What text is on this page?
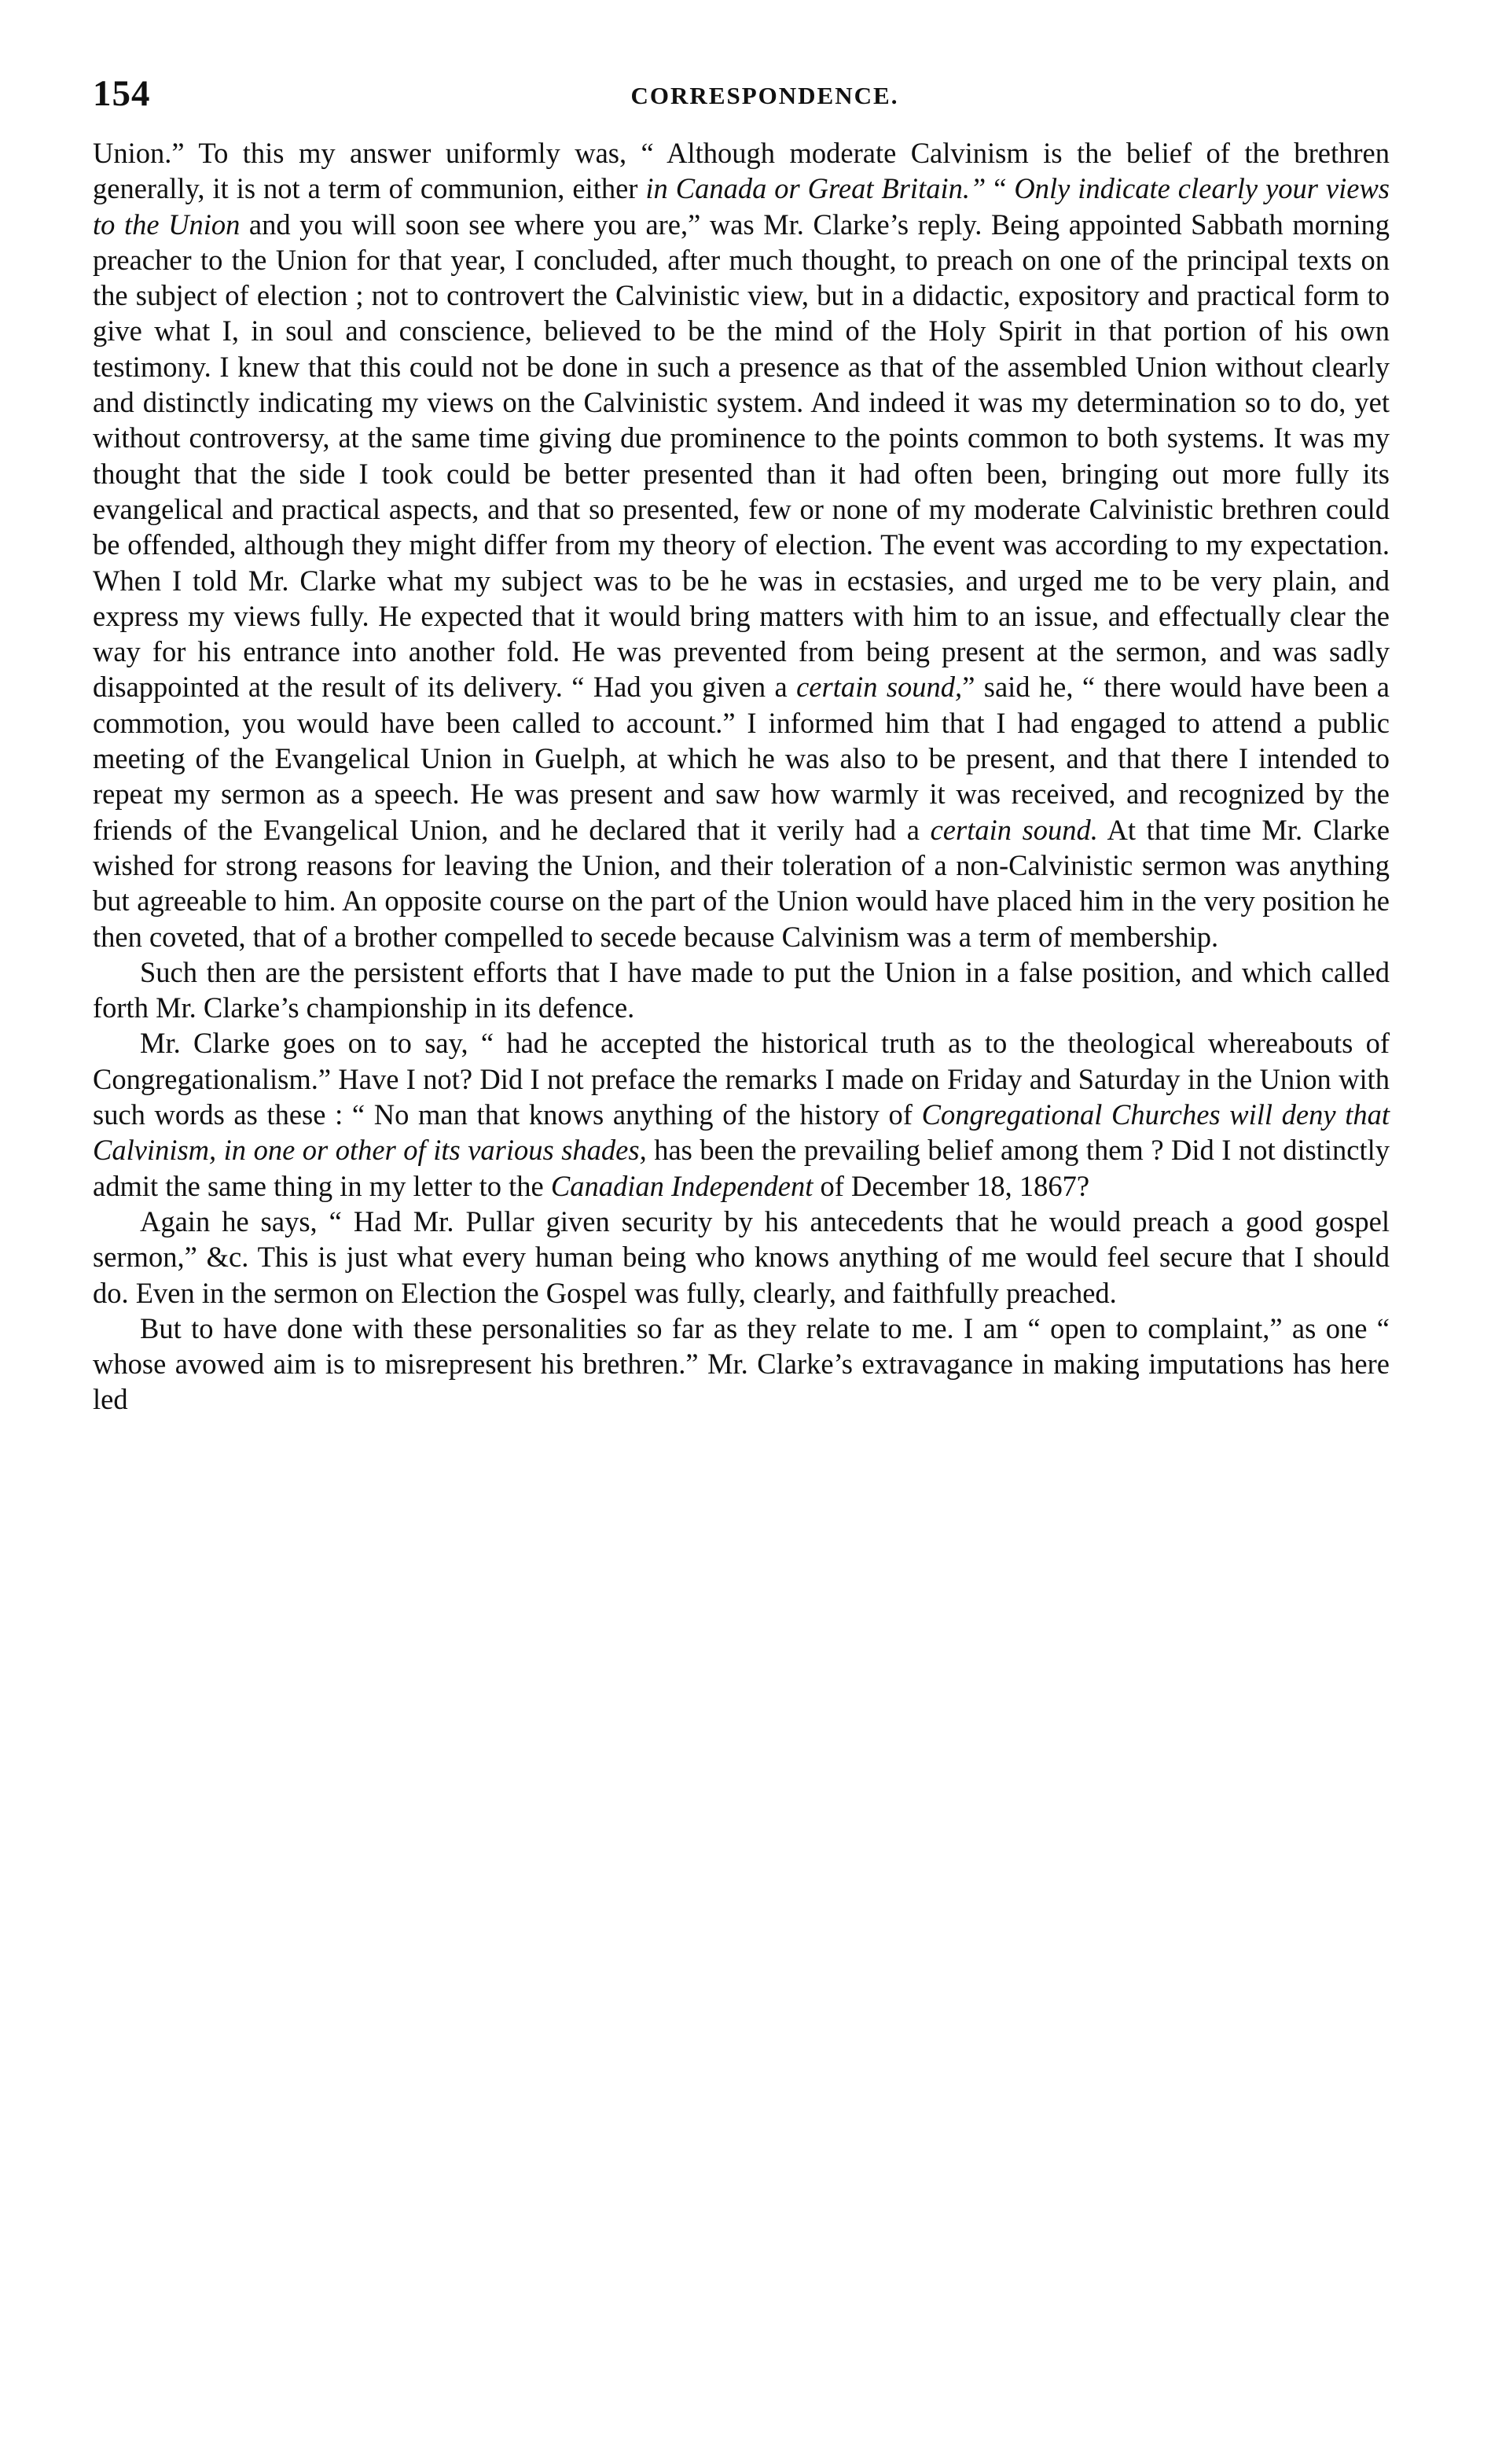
154	CORRESPONDENCE.

Union.” To this my answer uniformly was, “ Although moderate Calvinism is the belief of the brethren generally, it is not a term of communion, either in Canada or Great Britain.” “ Only indicate clearly your views to the Union and you will soon see where you are,” was Mr. Clarke’s reply. Being appointed Sabbath morning preacher to the Union for that year, I concluded, after much thought, to preach on one of the principal texts on the subject of election ; not to controvert the Calvinistic view, but in a didactic, expository and practical form to give what I, in soul and conscience, believed to be the mind of the Holy Spirit in that portion of his own testimony. I knew that this could not be done in such a presence as that of the assembled Union without clearly and distinctly indicating my views on the Calvinistic system. And indeed it was my determination so to do, yet without controversy, at the same time giving due prominence to the points common to both systems. It was my thought that the side I took could be better presented than it had often been, bringing out more fully its evangelical and practical aspects, and that so presented, few or none of my moderate Calvinistic brethren could be offended, although they might differ from my theory of election. The event was according to my expectation. When I told Mr. Clarke what my subject was to be he was in ecstasies, and urged me to be very plain, and express my views fully. He expected that it would bring matters with him to an issue, and effectually clear the way for his entrance into another fold. He was prevented from being present at the sermon, and was sadly disappointed at the result of its delivery. “ Had you given a certain sound,” said he, “ there would have been a commotion, you would have been called to account.” I informed him that I had engaged to attend a public meeting of the Evangelical Union in Guelph, at which he was also to be present, and that there I intended to repeat my sermon as a speech. He was present and saw how warmly it was received, and recognized by the friends of the Evangelical Union, and he declared that it verily had a certain sound. At that time Mr. Clarke wished for strong reasons for leaving the Union, and their toleration of a non-Calvinistic sermon was anything but agreeable to him. An opposite course on the part of the Union would have placed him in the very position he then coveted, that of a brother compelled to secede because Calvinism was a term of membership.

Such then are the persistent efforts that I have made to put the Union in a false position, and which called forth Mr. Clarke’s championship in its defence.

Mr. Clarke goes on to say, “ had he accepted the historical truth as to the theological whereabouts of Congregationalism.” Have I not? Did I not preface the remarks I made on Friday and Saturday in the Union with such words as these : “ No man that knows anything of the history of Congregational Churches will deny that Calvinism, in one or other of its various shades, has been the prevailing belief among them ? Did I not distinctly admit the same thing in my letter to the Canadian Independent of December 18, 1867?

Again he says, “ Had Mr. Pullar given security by his antecedents that he would preach a good gospel sermon,” &c. This is just what every human being who knows anything of me would feel secure that I should do. Even in the sermon on Election the Gospel was fully, clearly, and faithfully preached.

But to have done with these personalities so far as they relate to me. I am “ open to complaint,” as one “ whose avowed aim is to misrepresent his brethren.” Mr. Clarke’s extravagance in making imputations has here led
